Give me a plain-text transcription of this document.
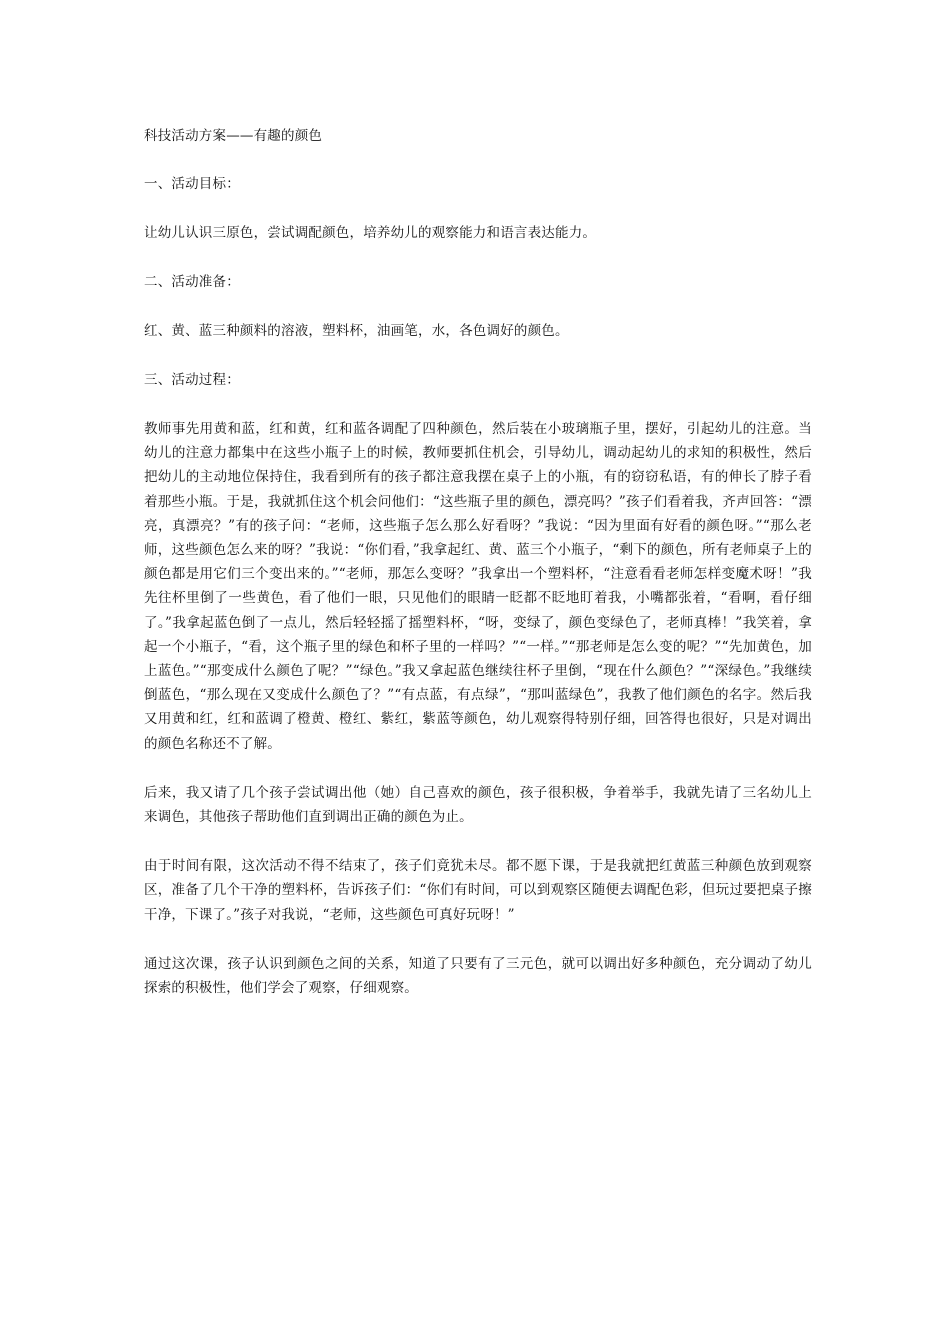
科技活动方案——有趣的颜色

一、活动目标：

让幼儿认识三原色，尝试调配颜色，培养幼儿的观察能力和语言表达能力。

二、活动准备：

红、黄、蓝三种颜料的溶液，塑料杯，油画笔，水，各色调好的颜色。

三、活动过程：

教师事先用黄和蓝，红和黄，红和蓝各调配了四种颜色，然后装在小玻璃瓶子里，摆好，引起幼儿的注意。当幼儿的注意力都集中在这些小瓶子上的时候，教师要抓住机会，引导幼儿，调动起幼儿的求知的积极性，然后把幼儿的主动地位保持住，我看到所有的孩子都注意我摆在桌子上的小瓶，有的窃窃私语，有的伸长了脖子看着那些小瓶。于是，我就抓住这个机会问他们：“这些瓶子里的颜色，漂亮吗？”孩子们看着我，齐声回答：“漂亮，真漂亮？”有的孩子问：“老师，这些瓶子怎么那么好看呀？”我说：“因为里面有好看的颜色呀。”“那么老师，这些颜色怎么来的呀？”我说：“你们看，”我拿起红、黄、蓝三个小瓶子，“剩下的颜色，所有老师桌子上的颜色都是用它们三个变出来的。”“老师，那怎么变呀？”我拿出一个塑料杯，“注意看看老师怎样变魔术呀！”我先往杯里倒了一些黄色，看了他们一眼，只见他们的眼睛一眨都不眨地盯着我，小嘴都张着，“看啊，看仔细了。”我拿起蓝色倒了一点儿，然后轻轻摇了摇塑料杯，“呀，变绿了，颜色变绿色了，老师真棒！”我笑着，拿起一个小瓶子，“看，这个瓶子里的绿色和杯子里的一样吗？”“一样。”“那老师是怎么变的呢？”“先加黄色，加上蓝色。”“那变成什么颜色了呢？”“绿色。”我又拿起蓝色继续往杯子里倒，“现在什么颜色？”“深绿色。”我继续倒蓝色，“那么现在又变成什么颜色了？”“有点蓝，有点绿”，“那叫蓝绿色”，我教了他们颜色的名字。然后我又用黄和红，红和蓝调了橙黄、橙红、紫红，紫蓝等颜色，幼儿观察得特别仔细，回答得也很好，只是对调出的颜色名称还不了解。

后来，我又请了几个孩子尝试调出他（她）自己喜欢的颜色，孩子很积极，争着举手，我就先请了三名幼儿上来调色，其他孩子帮助他们直到调出正确的颜色为止。

由于时间有限，这次活动不得不结束了，孩子们竟犹未尽。都不愿下课，于是我就把红黄蓝三种颜色放到观察区，准备了几个干净的塑料杯，告诉孩子们：“你们有时间，可以到观察区随便去调配色彩，但玩过要把桌子擦干净，下课了。”孩子对我说，“老师，这些颜色可真好玩呀！”

通过这次课，孩子认识到颜色之间的关系，知道了只要有了三元色，就可以调出好多种颜色，充分调动了幼儿探索的积极性，他们学会了观察，仔细观察。
